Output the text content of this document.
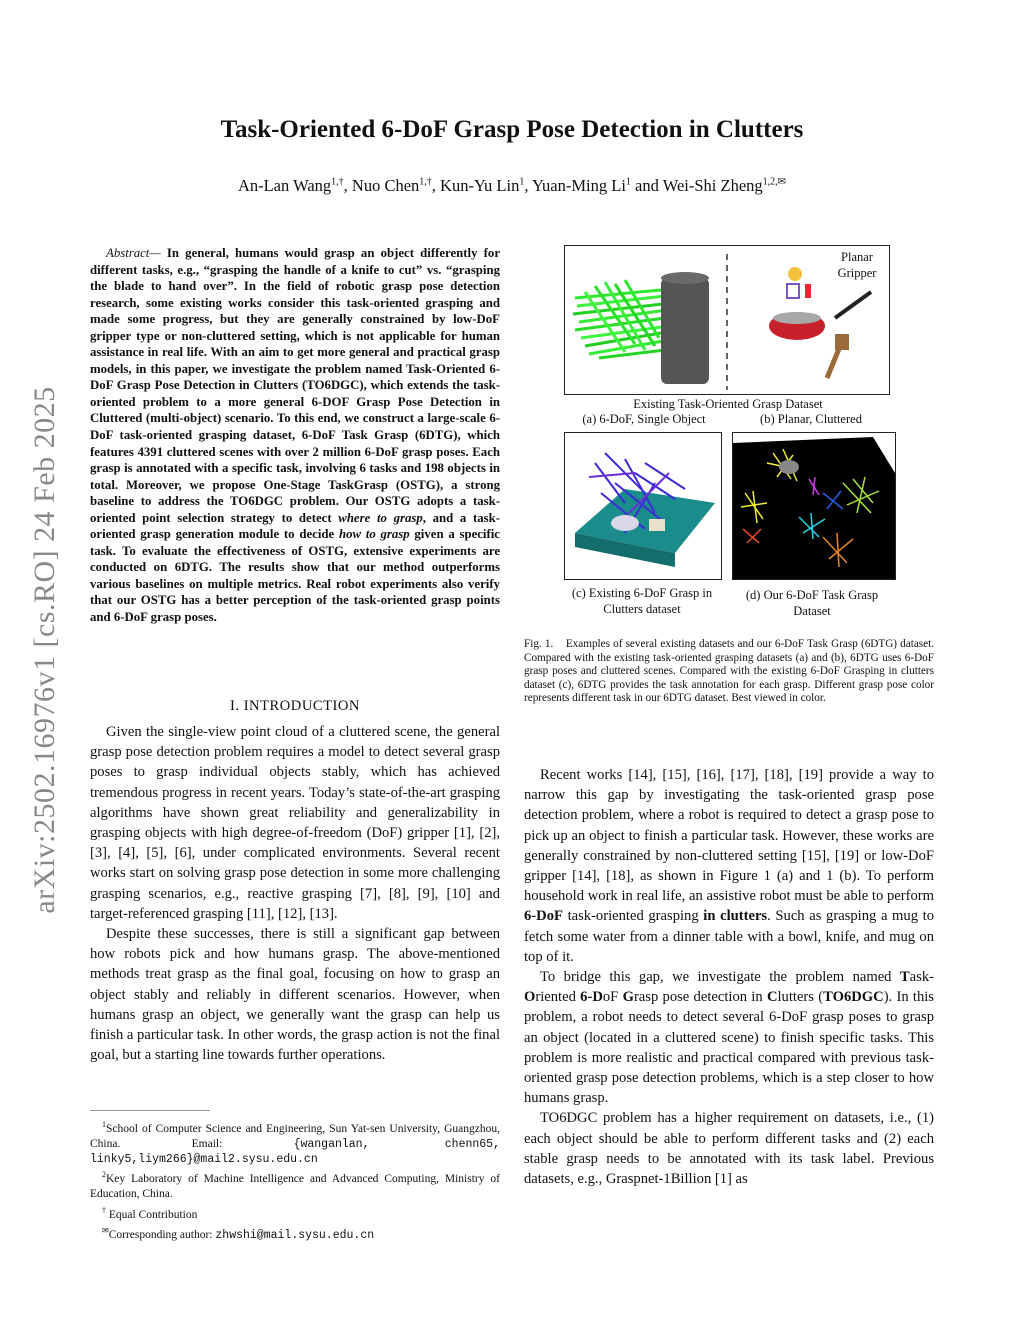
arXiv:2502.16976v1 [cs.RO] 24 Feb 2025
Task-Oriented 6-DoF Grasp Pose Detection in Clutters
An-Lan Wang$^{1,\dagger}$, Nuo Chen$^{1,\dagger}$, Kun-Yu Lin$^1$, Yuan-Ming Li$^1$ and Wei-Shi Zheng$^{1,2,✉}$
Abstract— In general, humans would grasp an object differently for different tasks, e.g., “grasping the handle of a knife to cut” vs. “grasping the blade to hand over”. In the field of robotic grasp pose detection research, some existing works consider this task-oriented grasping and made some progress, but they are generally constrained by low-DoF gripper type or non-cluttered setting, which is not applicable for human assistance in real life. With an aim to get more general and practical grasp models, in this paper, we investigate the problem named Task-Oriented 6-DoF Grasp Pose Detection in Clutters (TO6DGC), which extends the task-oriented problem to a more general 6-DOF Grasp Pose Detection in Cluttered (multi-object) scenario. To this end, we construct a large-scale 6-DoF task-oriented grasping dataset, 6-DoF Task Grasp (6DTG), which features 4391 cluttered scenes with over 2 million 6-DoF grasp poses. Each grasp is annotated with a specific task, involving 6 tasks and 198 objects in total. Moreover, we propose One-Stage TaskGrasp (OSTG), a strong baseline to address the TO6DGC problem. Our OSTG adopts a task-oriented point selection strategy to detect where to grasp, and a task-oriented grasp generation module to decide how to grasp given a specific task. To evaluate the effectiveness of OSTG, extensive experiments are conducted on 6DTG. The results show that our method outperforms various baselines on multiple metrics. Real robot experiments also verify that our OSTG has a better perception of the task-oriented grasp points and 6-DoF grasp poses.
I. INTRODUCTION

Given the single-view point cloud of a cluttered scene, the general grasp pose detection problem requires a model to detect several grasp poses to grasp individual objects stably, which has achieved tremendous progress in recent years. Today’s state-of-the-art grasping algorithms have shown great reliability and generalizability in grasping objects with high degree-of-freedom (DoF) gripper [1], [2], [3], [4], [5], [6], under complicated environments. Several recent works start on solving grasp pose detection in some more challenging grasping scenarios, e.g., reactive grasping [7], [8], [9], [10] and target-referenced grasping [11], [12], [13].

Despite these successes, there is still a significant gap between how robots pick and how humans grasp. The above-mentioned methods treat grasp as the final goal, focusing on how to grasp an object stably and reliably in different scenarios. However, when humans grasp an object, we generally want the grasp can help us finish a particular task. In other words, the grasp action is not the final goal, but a starting line towards further operations.

$^1$School of Computer Science and Engineering, Sun Yat-sen University, Guangzhou, China. Email: {wanganlan, chenn65, linky5,liym266}@mail2.sysu.edu.cn

$^2$Key Laboratory of Machine Intelligence and Advanced Computing, Ministry of Education, China.

† Equal Contribution

✉Corresponding author: zhwshi@mail.sysu.edu.cn

Planar Gripper
Existing Task-Oriented Grasp Dataset
(a) 6-DoF, Single Object	(b) Planar, Cluttered
(c) Existing 6-DoF Grasp in Clutters dataset
(d) Our 6-DoF Task Grasp Dataset
Fig. 1. Examples of several existing datasets and our 6-DoF Task Grasp (6DTG) dataset. Compared with the existing task-oriented grasping datasets (a) and (b), 6DTG uses 6-DoF grasp poses and cluttered scenes. Compared with the existing 6-DoF Grasping in clutters dataset (c), 6DTG provides the task annotation for each grasp. Different grasp pose color represents different task in our 6DTG dataset. Best viewed in color.

Recent works [14], [15], [16], [17], [18], [19] provide a way to narrow this gap by investigating the task-oriented grasp pose detection problem, where a robot is required to detect a grasp pose to pick up an object to finish a particular task. However, these works are generally constrained by non-cluttered setting [15], [19] or low-DoF gripper [14], [18], as shown in Figure 1 (a) and 1 (b). To perform household work in real life, an assistive robot must be able to perform 6-DoF task-oriented grasping in clutters. Such as grasping a mug to fetch some water from a dinner table with a bowl, knife, and mug on top of it.

To bridge this gap, we investigate the problem named Task-Oriented 6-DoF Grasp pose detection in Clutters (TO6DGC). In this problem, a robot needs to detect several 6-DoF grasp poses to grasp an object (located in a cluttered scene) to finish specific tasks. This problem is more realistic and practical compared with previous task-oriented grasp pose detection problems, which is a step closer to how humans grasp.

TO6DGC problem has a higher requirement on datasets, i.e., (1) each object should be able to perform different tasks and (2) each stable grasp needs to be annotated with its task label. Previous datasets, e.g., Graspnet-1Billion [1] as
